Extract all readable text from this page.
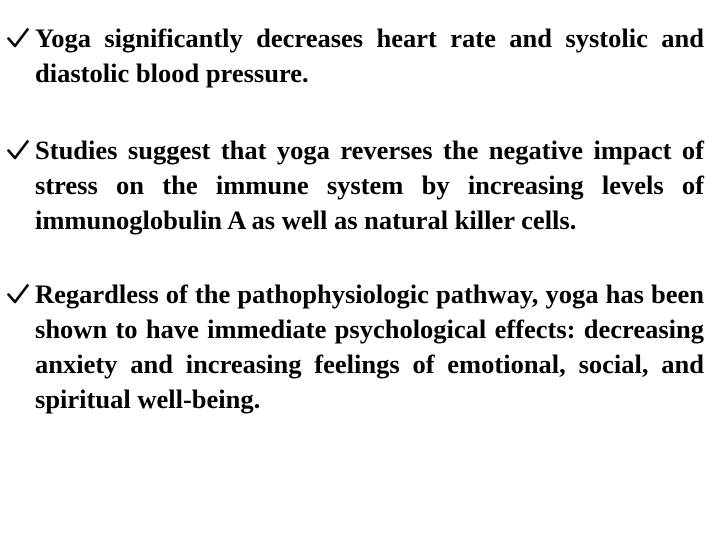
Yoga significantly decreases heart rate and systolic and diastolic blood pressure.
Studies suggest that yoga reverses the negative impact of stress on the immune system by increasing levels of immunoglobulin A as well as natural killer cells.
Regardless of the pathophysiologic pathway, yoga has been shown to have immediate psychological effects: decreasing anxiety and increasing feelings of emotional, social, and spiritual well-being.
